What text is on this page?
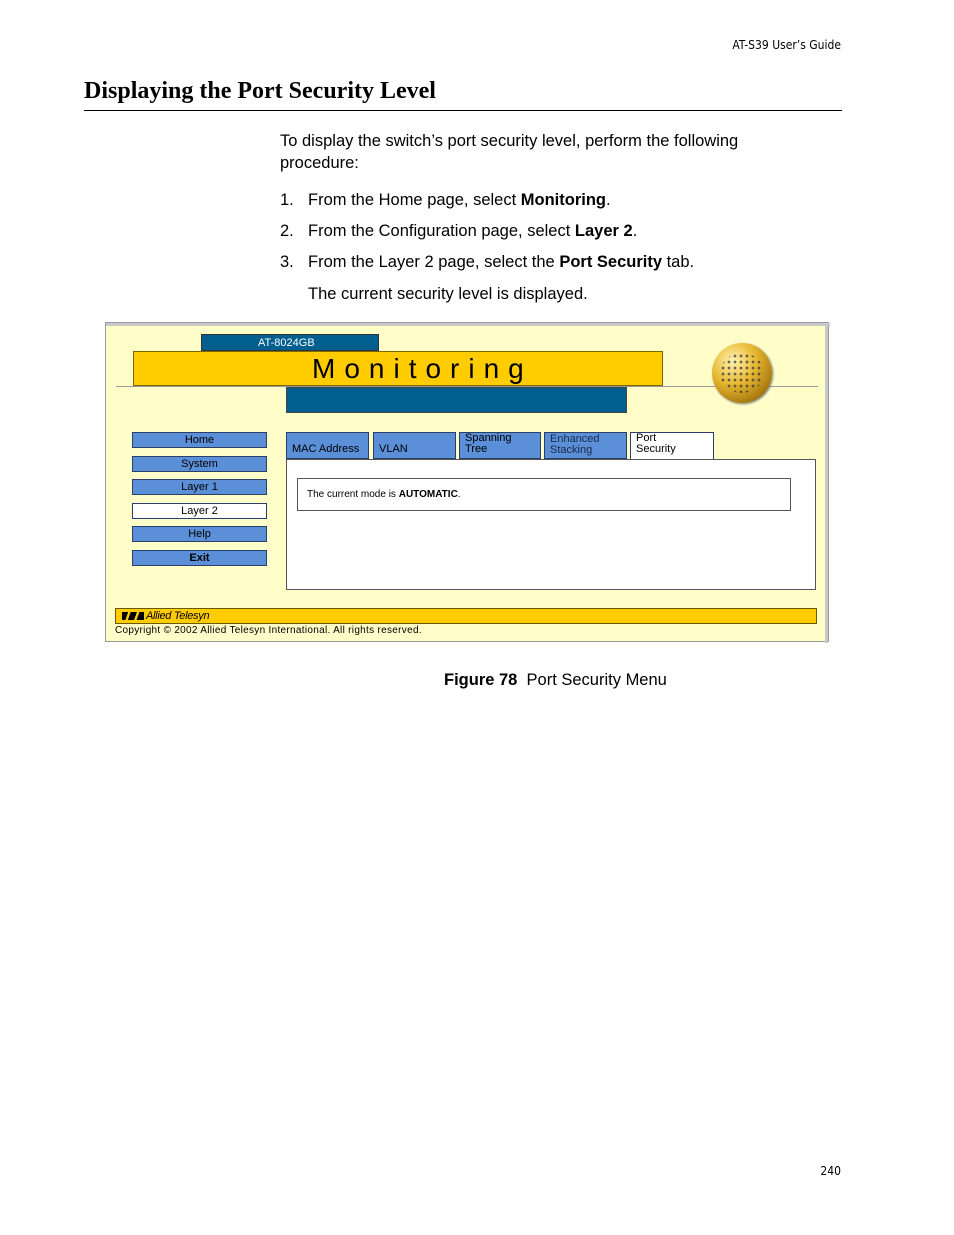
AT-S39 User’s Guide
Displaying the Port Security Level
To display the switch’s port security level, perform the following procedure:
1. From the Home page, select Monitoring.
2. From the Configuration page, select Layer 2.
3. From the Layer 2 page, select the Port Security tab.
The current security level is displayed.
AT-8024GB
Monitoring
Home
System
Layer 1
Layer 2
Help
Exit
MAC Address	VLAN
Spanning
Tree
Enhanced
Stacking
Port
Security
The current mode is AUTOMATIC.
Allied Telesyn
Copyright © 2002 Allied Telesyn International. All rights reserved.
Figure 78 Port Security Menu
240
